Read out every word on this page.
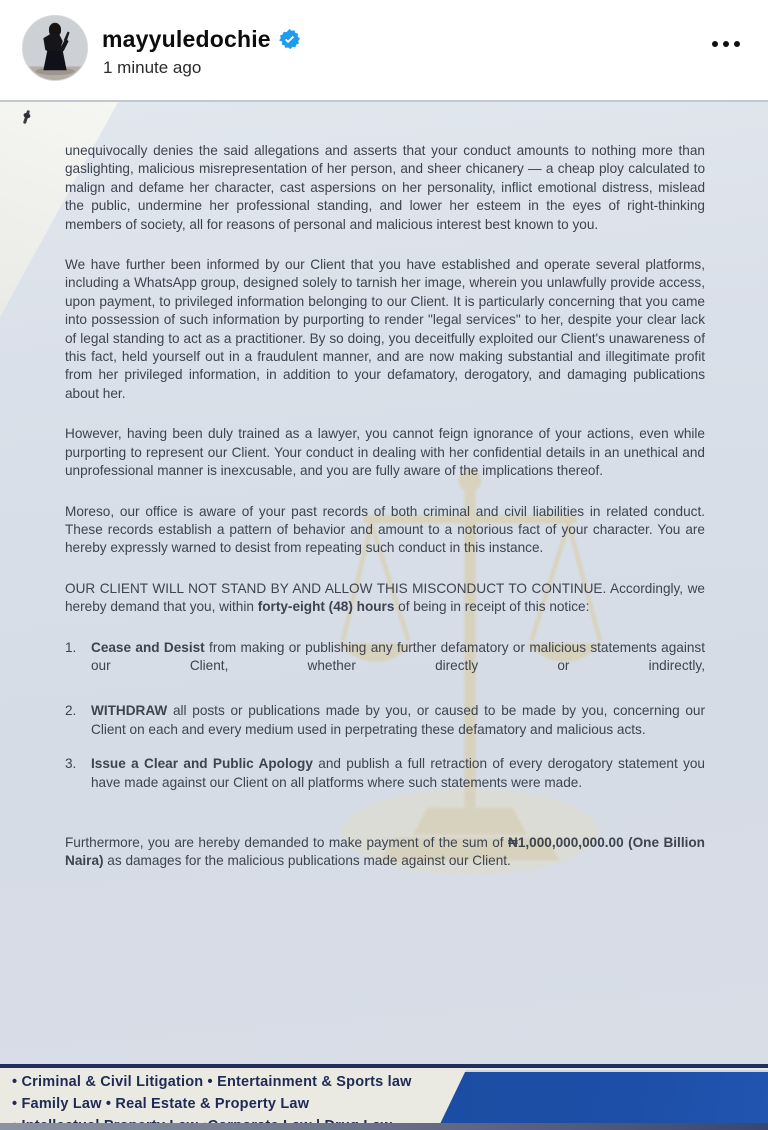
mayyuledochie
1 minute ago

unequivocally denies the said allegations and asserts that your conduct amounts to nothing more than gaslighting, malicious misrepresentation of her person, and sheer chicanery — a cheap ploy calculated to malign and defame her character, cast aspersions on her personality, inflict emotional distress, mislead the public, undermine her professional standing, and lower her esteem in the eyes of right-thinking members of society, all for reasons of personal and malicious interest best known to you.

We have further been informed by our Client that you have established and operate several platforms, including a WhatsApp group, designed solely to tarnish her image, wherein you unlawfully provide access, upon payment, to privileged information belonging to our Client. It is particularly concerning that you came into possession of such information by purporting to render "legal services" to her, despite your clear lack of legal standing to act as a practitioner. By so doing, you deceitfully exploited our Client's unawareness of this fact, held yourself out in a fraudulent manner, and are now making substantial and illegitimate profit from her privileged information, in addition to your defamatory, derogatory, and damaging publications about her.

However, having been duly trained as a lawyer, you cannot feign ignorance of your actions, even while purporting to represent our Client. Your conduct in dealing with her confidential details in an unethical and unprofessional manner is inexcusable, and you are fully aware of the implications thereof.

Moreso, our office is aware of your past records of both criminal and civil liabilities in related conduct. These records establish a pattern of behavior and amount to a notorious fact of your character. You are hereby expressly warned to desist from repeating such conduct in this instance.

OUR CLIENT WILL NOT STAND BY AND ALLOW THIS MISCONDUCT TO CONTINUE. Accordingly, we hereby demand that you, within forty-eight (48) hours of being in receipt of this notice:

1.	Cease and Desist from making or publishing any further defamatory or malicious statements against our Client, whether directly or indirectly,
2.	WITHDRAW all posts or publications made by you, or caused to be made by you, concerning our Client on each and every medium used in perpetrating these defamatory and malicious acts.
3.	Issue a Clear and Public Apology and publish a full retraction of every derogatory statement you have made against our Client on all platforms where such statements were made.

Furthermore, you are hereby demanded to make payment of the sum of ₦1,000,000,000.00 (One Billion Naira) as damages for the malicious publications made against our Client.

• Criminal & Civil Litigation • Entertainment & Sports law
• Family Law • Real Estate & Property Law
